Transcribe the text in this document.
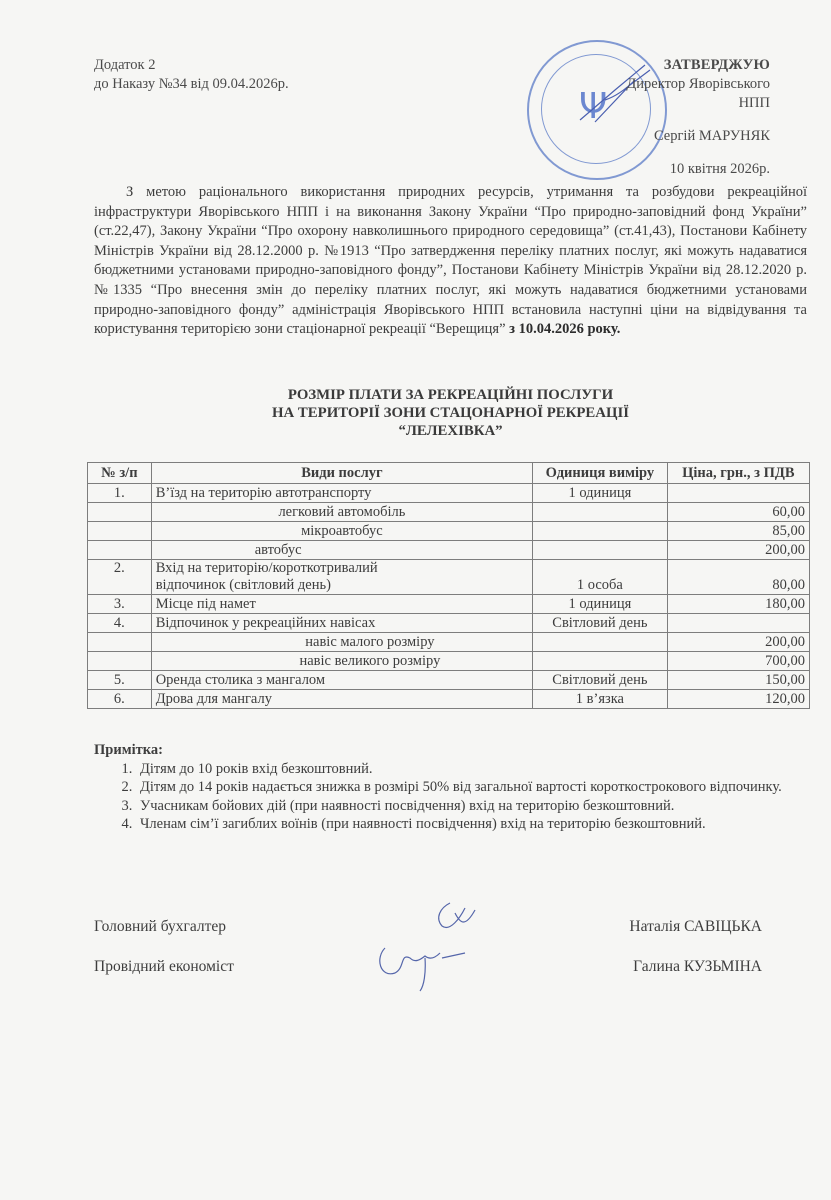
Додаток 2
до Наказу №34 від 09.04.2026р.
Ψ
ЗАТВЕРДЖУЮ
Директор Яворівського НПП
Сергій МАРУНЯК
10 квітня 2026р.
З метою раціонального використання природних ресурсів, утримання та розбудови рекреаційної інфраструктури Яворівського НПП і на виконання Закону України “Про природно-заповідний фонд України” (ст.22,47), Закону України “Про охорону навколишнього природного середовища” (ст.41,43), Постанови Кабінету Міністрів України від 28.12.2000 р. №1913 “Про затвердження переліку платних послуг, які можуть надаватися бюджетними установами природно-заповідного фонду”, Постанови Кабінету Міністрів України від 28.12.2020 р. №1335 “Про внесення змін до переліку платних послуг, які можуть надаватися бюджетними установами природно-заповідного фонду” адміністрація Яворівського НПП встановила наступні ціни на відвідування та користування територією зони стаціонарної рекреації “Верещиця” з 10.04.2026 року.
РОЗМІР ПЛАТИ ЗА РЕКРЕАЦІЙНІ ПОСЛУГИ
НА ТЕРИТОРІЇ ЗОНИ СТАЦОНАРНОЇ РЕКРЕАЦІЇ
“ЛЕЛЕХІВКА”
№ з/п	Види послуг	Одиниця виміру	Ціна, грн., з ПДВ
1.	В’їзд на територію автотранспорту	1 одиниця	
	легковий автомобіль		60,00
	мікроавтобус		85,00
	автобус		200,00
2.	Вхід на територію/короткотривалий
відпочинок (світловий день)	1 особа	80,00
3.	Місце під намет	1 одиниця	180,00
4.	Відпочинок у рекреаційних навісах	Світловий день	
	навіс малого розміру		200,00
	навіс великого розміру		700,00
5.	Оренда столика з мангалом	Світловий день	150,00
6.	Дрова для мангалу	1 в’язка	120,00
Примітка:
1. Дітям до 10 років вхід безкоштовний.
2. Дітям до 14 років надається знижка в розмірі 50% від загальної вартості короткострокового відпочинку.
3. Учасникам бойових дій (при наявності посвідчення) вхід на територію безкоштовний.
4. Членам сім’ї загиблих воїнів (при наявності посвідчення) вхід на територію безкоштовний.
Головний бухгалтер	Наталія САВІЦЬКА
Провідний економіст	Галина КУЗЬМІНА
